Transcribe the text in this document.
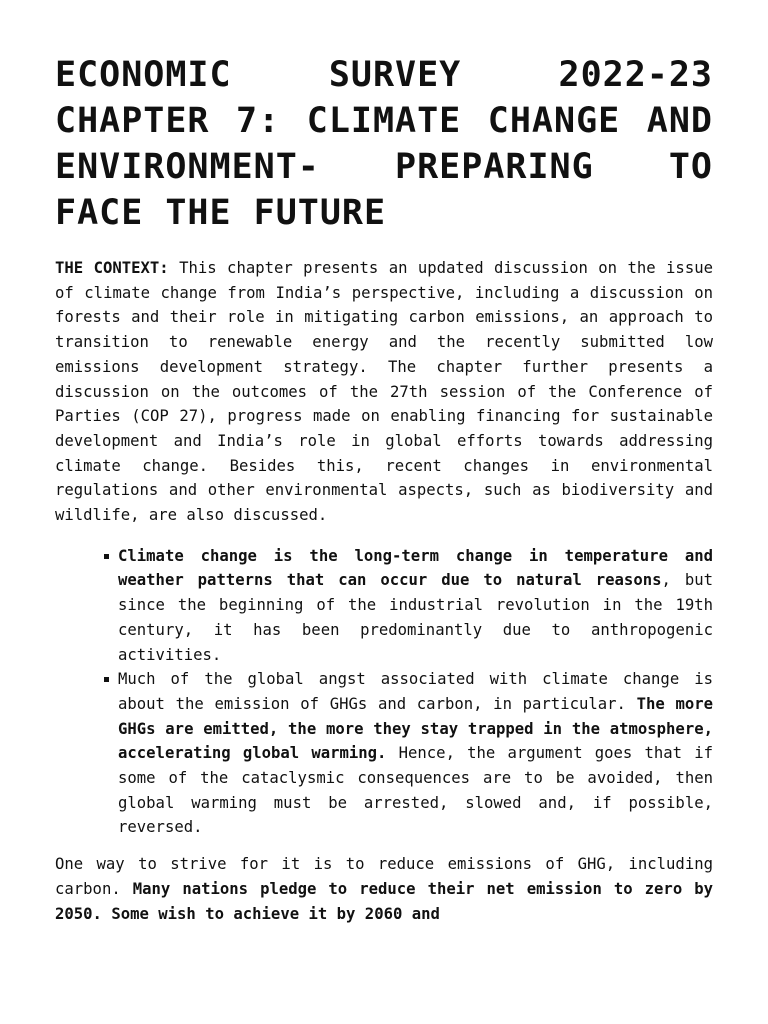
ECONOMIC SURVEY 2022-23 CHAPTER 7: CLIMATE CHANGE AND ENVIRONMENT- PREPARING TO FACE THE FUTURE

THE CONTEXT: This chapter presents an updated discussion on the issue of climate change from India’s perspective, including a discussion on forests and their role in mitigating carbon emissions, an approach to transition to renewable energy and the recently submitted low emissions development strategy. The chapter further presents a discussion on the outcomes of the 27th session of the Conference of Parties (COP 27), progress made on enabling financing for sustainable development and India’s role in global efforts towards addressing climate change. Besides this, recent changes in environmental regulations and other environmental aspects, such as biodiversity and wildlife, are also discussed.

Climate change is the long-term change in temperature and weather patterns that can occur due to natural reasons, but since the beginning of the industrial revolution in the 19th century, it has been predominantly due to anthropogenic activities.
Much of the global angst associated with climate change is about the emission of GHGs and carbon, in particular. The more GHGs are emitted, the more they stay trapped in the atmosphere, accelerating global warming. Hence, the argument goes that if some of the cataclysmic consequences are to be avoided, then global warming must be arrested, slowed and, if possible, reversed.

One way to strive for it is to reduce emissions of GHG, including carbon. Many nations pledge to reduce their net emission to zero by 2050. Some wish to achieve it by 2060 and
